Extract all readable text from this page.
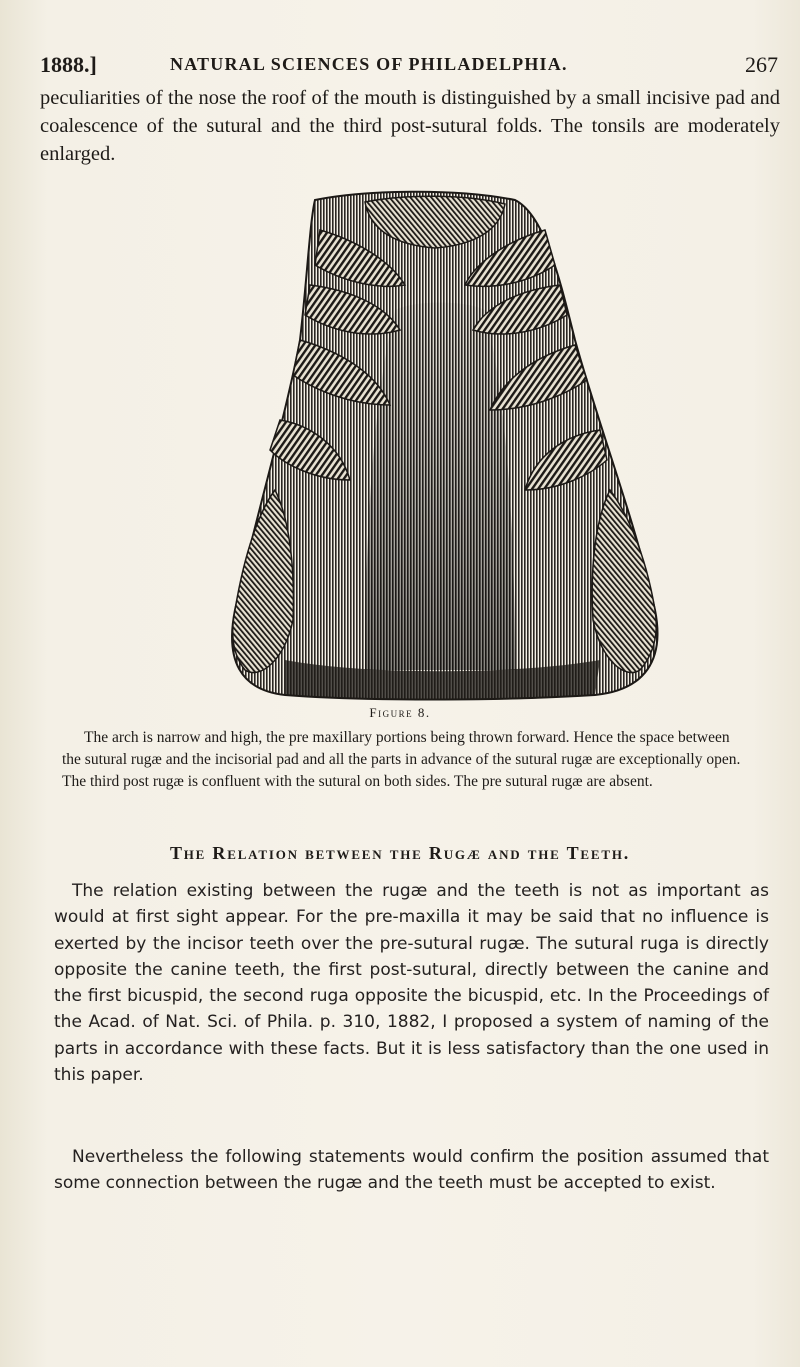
1888.]	NATURAL SCIENCES OF PHILADELPHIA.	267

peculiarities of the nose the roof of the mouth is distinguished by a small incisive pad and coalescence of the sutural and the third post-sutural folds. The tonsils are moderately enlarged.

Figure 8.

The arch is narrow and high, the pre maxillary portions being thrown forward. Hence the space between the sutural rugæ and the incisorial pad and all the parts in advance of the sutural rugæ are exceptionally open. The third post rugæ is confluent with the sutural on both sides. The pre sutural rugæ are absent.

The Relation between the Rugæ and the Teeth.

The relation existing between the rugæ and the teeth is not as important as would at first sight appear. For the pre-maxilla it may be said that no influence is exerted by the incisor teeth over the pre-sutural rugæ. The sutural ruga is directly opposite the canine teeth, the first post-sutural, directly between the canine and the first bicuspid, the second ruga opposite the bicuspid, etc. In the Proceedings of the Acad. of Nat. Sci. of Phila. p. 310, 1882, I proposed a system of naming of the parts in accordance with these facts. But it is less satisfactory than the one used in this paper.

Nevertheless the following statements would confirm the position assumed that some connection between the rugæ and the teeth must be accepted to exist.
